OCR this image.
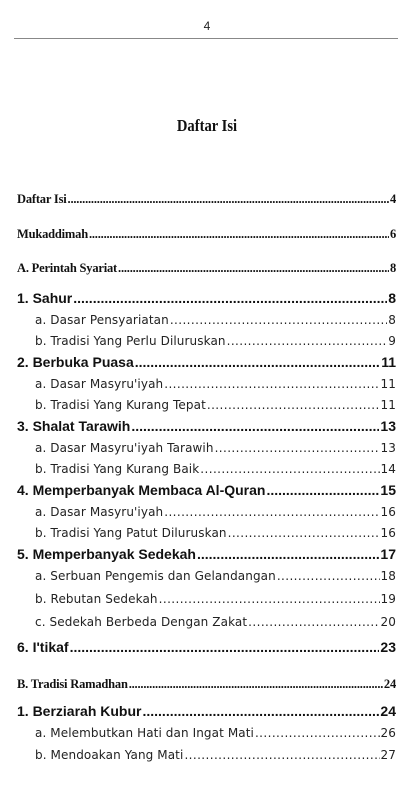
4
Daftar Isi
Daftar Isi .....	4
Mukaddimah .....	6
A. Perintah Syariat .....	8
1. Sahur .....	8
a. Dasar Pensyariatan .....	8
b. Tradisi Yang Perlu Diluruskan .....	9
2. Berbuka Puasa .....	11
a. Dasar Masyru'iyah .....	11
b. Tradisi Yang Kurang Tepat .....	11
3. Shalat Tarawih .....	13
a. Dasar Masyru'iyah Tarawih .....	13
b. Tradisi Yang Kurang Baik .....	14
4. Memperbanyak Membaca Al-Quran .....	15
a. Dasar Masyru'iyah .....	16
b. Tradisi Yang Patut Diluruskan .....	16
5. Memperbanyak Sedekah .....	17
a. Serbuan Pengemis dan Gelandangan .....	18
b. Rebutan Sedekah .....	19
c. Sedekah Berbeda Dengan Zakat .....	20
6. I'tikaf .....	23
B. Tradisi Ramadhan .....	24
1. Berziarah Kubur .....	24
a. Melembutkan Hati dan Ingat Mati .....	26
b. Mendoakan Yang Mati .....	27
